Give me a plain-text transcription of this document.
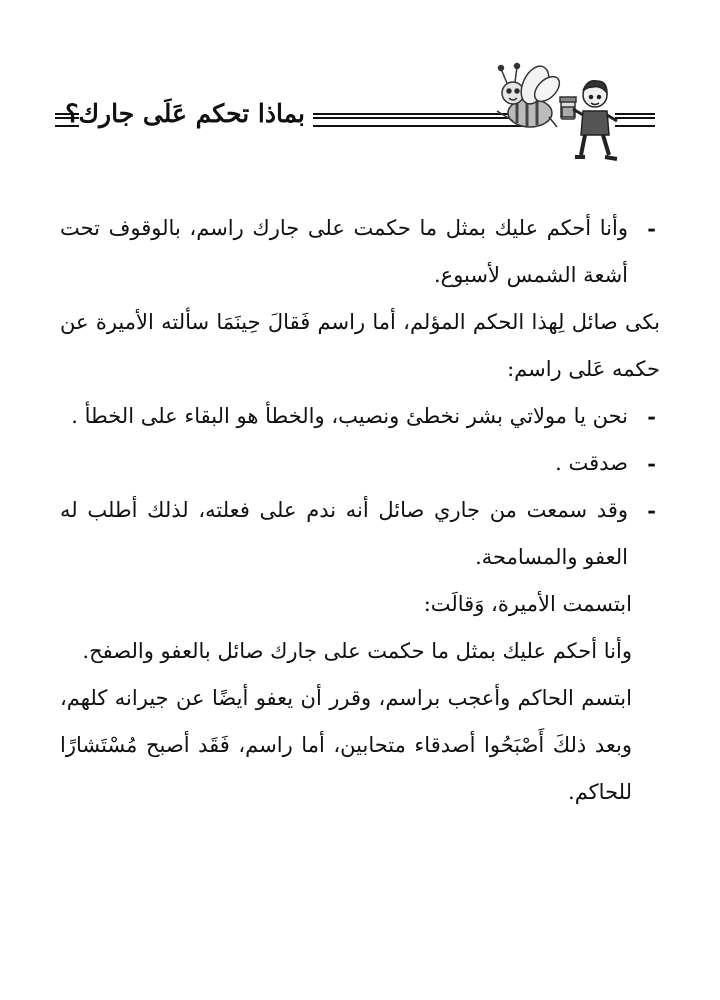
بماذا تحكم عَلَى جارك؟
- وأنا أحكم عليك بمثل ما حكمت على جارك راسم، بالوقوف تحت أشعة الشمس لأسبوع.
بكى صائل لِهذا الحكم المؤلم، أما راسم فَقالَ حِينَمَا سألته الأميرة عن حكمه عَلى راسم:
- نحن يا مولاتي بشر نخطئ ونصيب، والخطأ هو البقاء على الخطأ .
- صدقت .
- وقد سمعت من جاري صائل أنه ندم على فعلته، لذلك أطلب له العفو والمسامحة.
ابتسمت الأميرة، وَقالَت:
وأنا أحكم عليك بمثل ما حكمت على جارك صائل بالعفو والصفح.
ابتسم الحاكم وأعجب براسم، وقرر أن يعفو أيضًا عن جيرانه كلهم، وبعد ذلكَ أَصْبَحُوا أصدقاء متحابين، أما راسم، فَقَد أصبح مُسْتَشارًا للحاكم.
